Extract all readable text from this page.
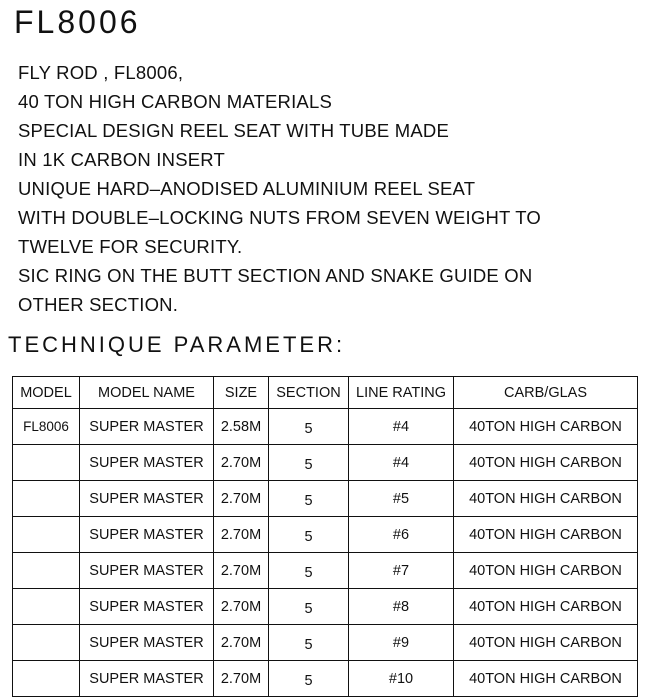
FL8006
FLY ROD , FL8006,
40 TON HIGH CARBON MATERIALS
SPECIAL DESIGN REEL SEAT WITH TUBE MADE
IN 1K CARBON INSERT
UNIQUE HARD–ANODISED ALUMINIUM REEL SEAT
WITH DOUBLE–LOCKING NUTS FROM SEVEN WEIGHT TO
TWELVE FOR SECURITY.
SIC RING ON THE BUTT SECTION AND SNAKE GUIDE ON
OTHER SECTION.
TECHNIQUE PARAMETER:
MODEL	MODEL NAME	SIZE	SECTION	LINE RATING	CARB/GLAS
FL8006	SUPER MASTER	2.58M	5	#4	40TON HIGH CARBON
	SUPER MASTER	2.70M	5	#4	40TON HIGH CARBON
	SUPER MASTER	2.70M	5	#5	40TON HIGH CARBON
	SUPER MASTER	2.70M	5	#6	40TON HIGH CARBON
	SUPER MASTER	2.70M	5	#7	40TON HIGH CARBON
	SUPER MASTER	2.70M	5	#8	40TON HIGH CARBON
	SUPER MASTER	2.70M	5	#9	40TON HIGH CARBON
	SUPER MASTER	2.70M	5	#10	40TON HIGH CARBON
